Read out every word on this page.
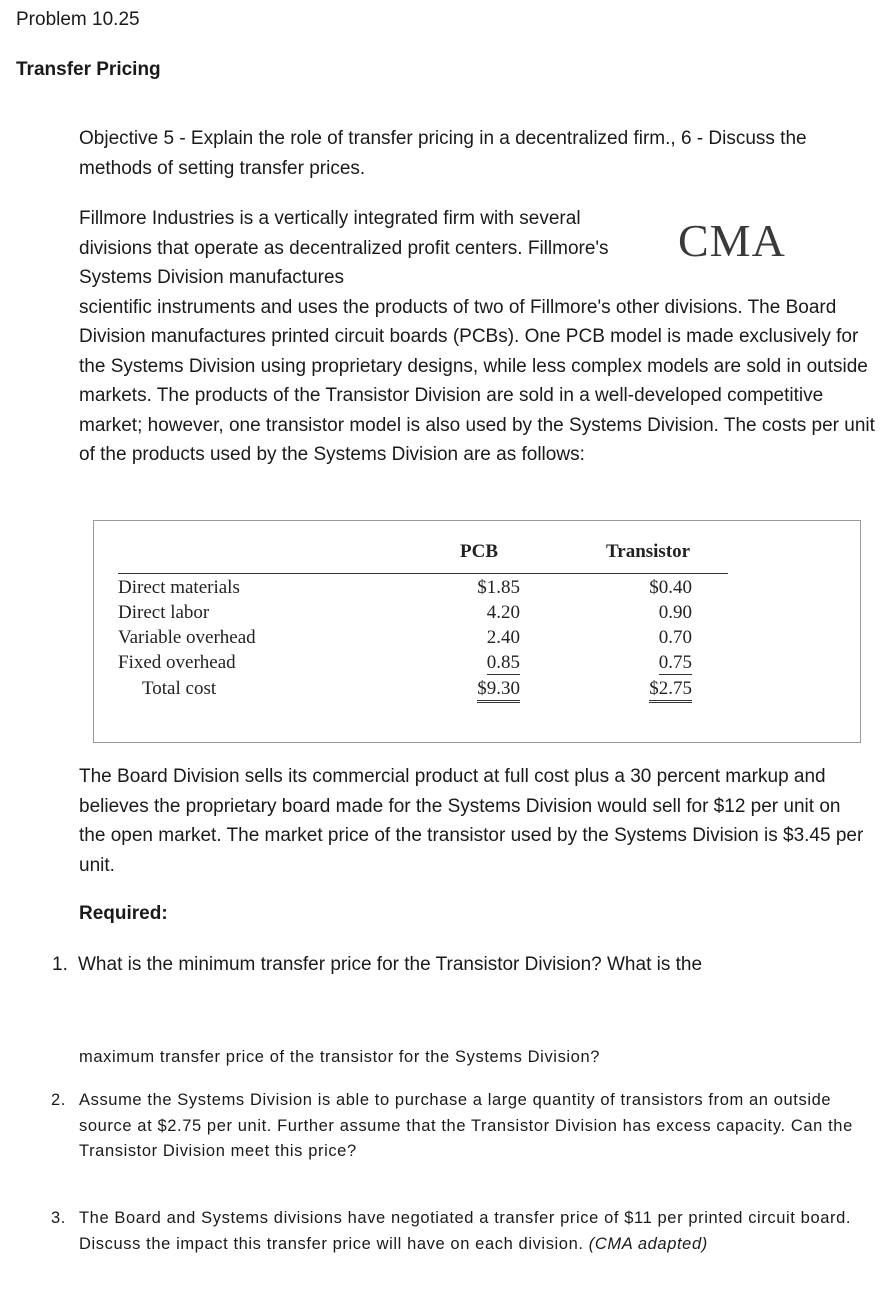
Problem 10.25
Transfer Pricing

Objective 5 - Explain the role of transfer pricing in a decentralized firm., 6 - Discuss the methods of setting transfer prices.

Fillmore Industries is a vertically integrated firm with several divisions that operate as decentralized profit centers. Fillmore's Systems Division manufactures
scientific instruments and uses the products of two of Fillmore's other divisions. The Board Division manufactures printed circuit boards (PCBs). One PCB model is made exclusively for the Systems Division using proprietary designs, while less complex models are sold in outside markets. The products of the Transistor Division are sold in a well-developed competitive market; however, one transistor model is also used by the Systems Division. The costs per unit of the products used by the Systems Division are as follows:

CMA
PCB	Transistor
Direct materials	$1.85	$0.40
Direct labor	4.20	0.90
Variable overhead	2.40	0.70
Fixed overhead	0.85	0.75
Total cost	$9.30	$2.75

The Board Division sells its commercial product at full cost plus a 30 percent markup and believes the proprietary board made for the Systems Division would sell for $12 per unit on the open market. The market price of the transistor used by the Systems Division is $3.45 per unit.

Required:
1. What is the minimum transfer price for the Transistor Division? What is the

maximum transfer price of the transistor for the Systems Division?

2. Assume the Systems Division is able to purchase a large quantity of transistors from an outside source at $2.75 per unit. Further assume that the Transistor Division has excess capacity. Can the Transistor Division meet this price?

3. The Board and Systems divisions have negotiated a transfer price of $11 per printed circuit board. Discuss the impact this transfer price will have on each division. (CMA adapted)
